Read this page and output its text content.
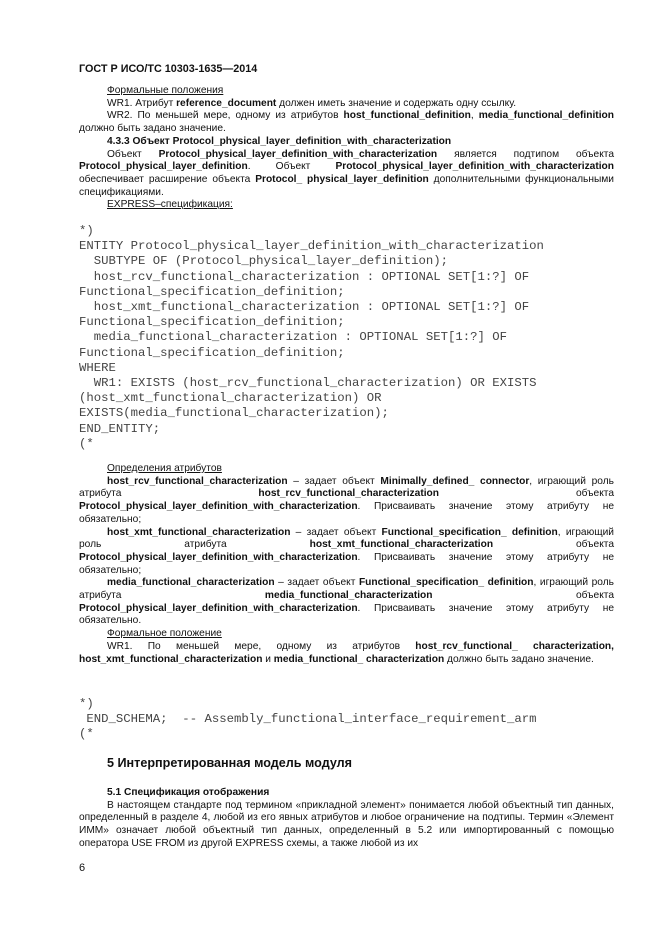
ГОСТ Р ИСО/ТС 10303-1635—2014

Формальные положения

WR1. Атрибут reference_document должен иметь значение и содержать одну ссылку.

WR2. По меньшей мере, одному из атрибутов host_functional_definition, media_functional_definition должно быть задано значение.

4.3.3 Объект Protocol_physical_layer_definition_with_characterization

Объект Protocol_physical_layer_definition_with_characterization является подтипом объекта Protocol_physical_layer_definition. Объект Protocol_physical_layer_definition_with_characterization обеспечивает расширение объекта Protocol_ physical_layer_definition дополнительными функциональными спецификациями.

EXPRESS–спецификация:

*)
ENTITY Protocol_physical_layer_definition_with_characterization
SUBTYPE OF (Protocol_physical_layer_definition);
host_rcv_functional_characterization : OPTIONAL SET[1:?] OF
Functional_specification_definition;
host_xmt_functional_characterization : OPTIONAL SET[1:?] OF
Functional_specification_definition;
media_functional_characterization : OPTIONAL SET[1:?] OF
Functional_specification_definition;
WHERE
WR1: EXISTS (host_rcv_functional_characterization) OR EXISTS
(host_xmt_functional_characterization) OR
EXISTS(media_functional_characterization);
END_ENTITY;
(*

Определения атрибутов

host_rcv_functional_characterization – задает объект Minimally_defined_ connector, играющий роль атрибута host_rcv_functional_characterization объекта Protocol_physical_layer_definition_with_characterization. Присваивать значение этому атрибуту не обязательно;

host_xmt_functional_characterization – задает объект Functional_specification_ definition, играющий роль атрибута host_xmt_functional_characterization объекта Protocol_physical_layer_definition_with_characterization. Присваивать значение этому атрибуту не обязательно;

media_functional_characterization – задает объект Functional_specification_ definition, играющий роль атрибута media_functional_characterization объекта Protocol_physical_layer_definition_with_characterization. Присваивать значение этому атрибуту не обязательно.

Формальное положение

WR1. По меньшей мере, одному из атрибутов host_rcv_functional_ characterization, host_xmt_functional_characterization и media_functional_ characterization должно быть задано значение.

*)
END_SCHEMA;  -- Assembly_functional_interface_requirement_arm
(*
5 Интерпретированная модель модуля

5.1 Спецификация отображения

В настоящем стандарте под термином «прикладной элемент» понимается любой объектный тип данных, определенный в разделе 4, любой из его явных атрибутов и любое ограничение на подтипы. Термин «Элемент ИММ» означает любой объектный тип данных, определенный в 5.2 или импортированный с помощью оператора USE FROM из другой EXPRESS схемы, а также любой из их

6
